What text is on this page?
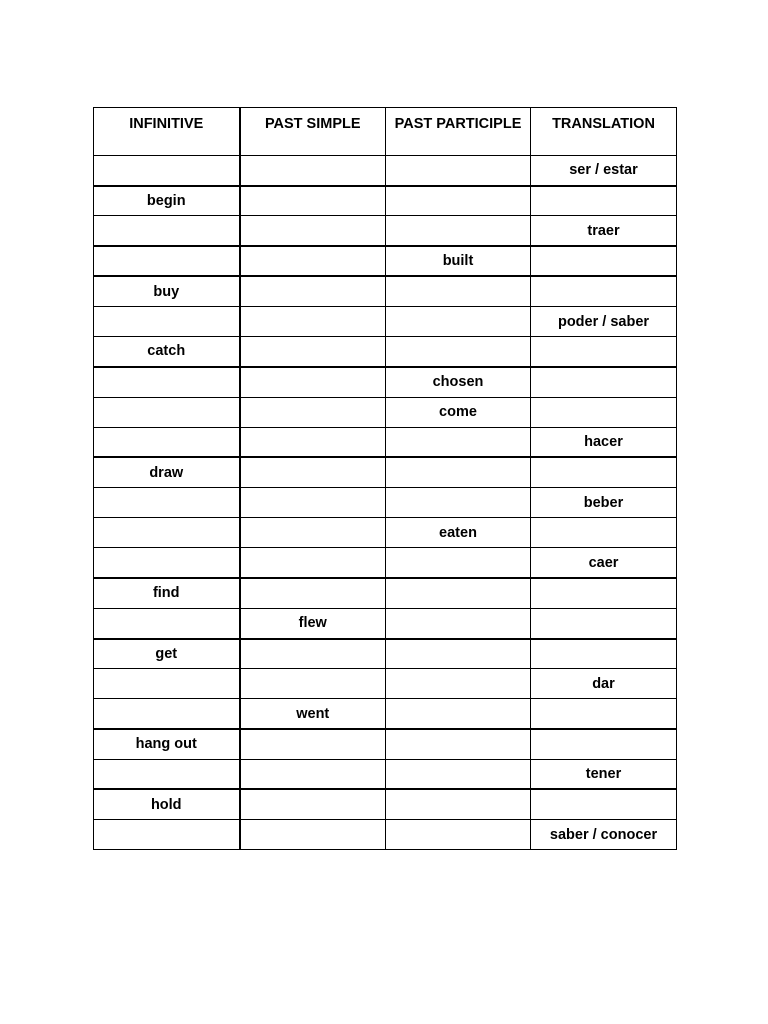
INFINITIVE	PAST SIMPLE	PAST PARTICIPLE	TRANSLATION
			ser / estar
begin			
			traer
		built	
buy			
			poder / saber
catch			
		chosen	
		come	
			hacer
draw			
			beber
		eaten	
			caer
find			
	flew		
get			
			dar
	went		
hang out			
			tener
hold			
			saber / conocer
